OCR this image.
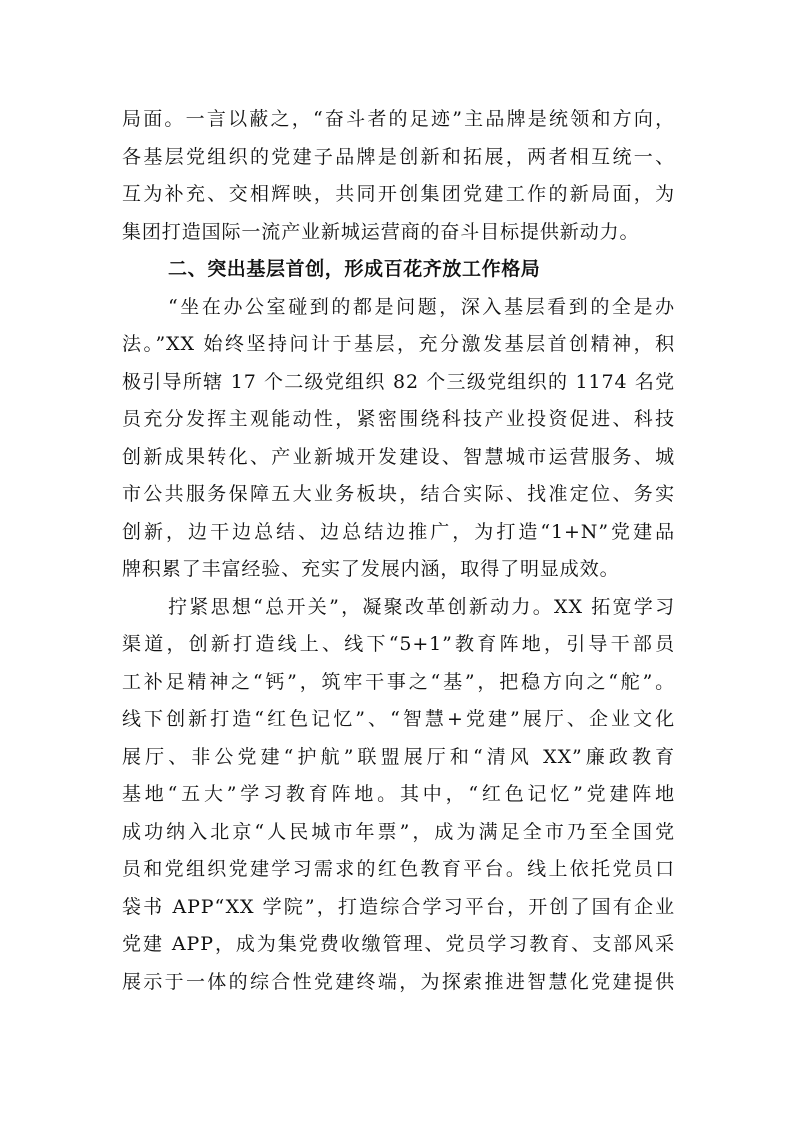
局面。一言以蔽之，“奋斗者的足迹”主品牌是统领和方向，
各基层党组织的党建子品牌是创新和拓展，两者相互统一、
互为补充、交相辉映，共同开创集团党建工作的新局面，为
集团打造国际一流产业新城运营商的奋斗目标提供新动力。
二、突出基层首创，形成百花齐放工作格局
“坐在办公室碰到的都是问题，深入基层看到的全是办
法。”XX 始终坚持问计于基层，充分激发基层首创精神，积
极引导所辖 17 个二级党组织 82 个三级党组织的 1174 名党
员充分发挥主观能动性，紧密围绕科技产业投资促进、科技
创新成果转化、产业新城开发建设、智慧城市运营服务、城
市公共服务保障五大业务板块，结合实际、找准定位、务实
创新，边干边总结、边总结边推广，为打造“1+N”党建品
牌积累了丰富经验、充实了发展内涵，取得了明显成效。
拧紧思想“总开关”，凝聚改革创新动力。XX 拓宽学习
渠道，创新打造线上、线下“5+1”教育阵地，引导干部员
工补足精神之“钙”，筑牢干事之“基”，把稳方向之“舵”。
线下创新打造“红色记忆”、“智慧+党建”展厅、企业文化
展厅、非公党建“护航”联盟展厅和“清风 XX”廉政教育
基地“五大”学习教育阵地。其中，“红色记忆”党建阵地
成功纳入北京“人民城市年票”，成为满足全市乃至全国党
员和党组织党建学习需求的红色教育平台。线上依托党员口
袋书 APP“XX 学院”，打造综合学习平台，开创了国有企业
党建 APP，成为集党费收缴管理、党员学习教育、支部风采
展示于一体的综合性党建终端，为探索推进智慧化党建提供
